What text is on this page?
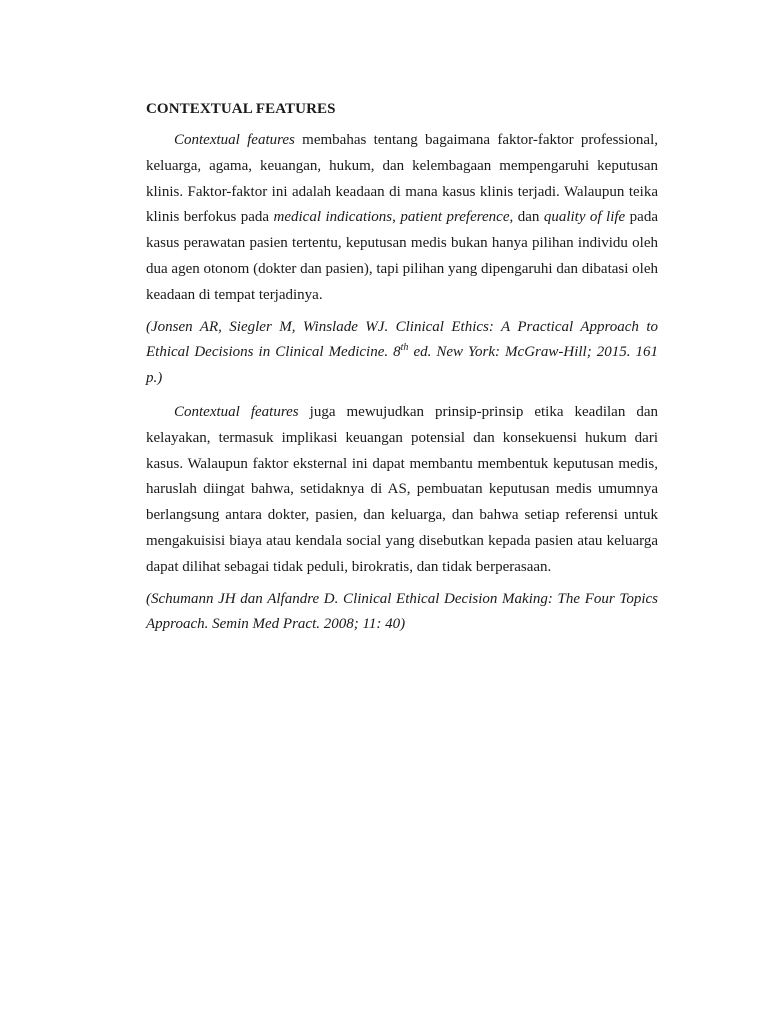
CONTEXTUAL FEATURES

Contextual features membahas tentang bagaimana faktor-faktor professional, keluarga, agama, keuangan, hukum, dan kelembagaan mempengaruhi keputusan klinis. Faktor-faktor ini adalah keadaan di mana kasus klinis terjadi. Walaupun teika klinis berfokus pada medical indications, patient preference, dan quality of life pada kasus perawatan pasien tertentu, keputusan medis bukan hanya pilihan individu oleh dua agen otonom (dokter dan pasien), tapi pilihan yang dipengaruhi dan dibatasi oleh keadaan di tempat terjadinya.

(Jonsen AR, Siegler M, Winslade WJ. Clinical Ethics: A Practical Approach to Ethical Decisions in Clinical Medicine. 8th ed. New York: McGraw-Hill; 2015. 161 p.)

Contextual features juga mewujudkan prinsip-prinsip etika keadilan dan kelayakan, termasuk implikasi keuangan potensial dan konsekuensi hukum dari kasus. Walaupun faktor eksternal ini dapat membantu membentuk keputusan medis, haruslah diingat bahwa, setidaknya di AS, pembuatan keputusan medis umumnya berlangsung antara dokter, pasien, dan keluarga, dan bahwa setiap referensi untuk mengakuisisi biaya atau kendala social yang disebutkan kepada pasien atau keluarga dapat dilihat sebagai tidak peduli, birokratis, dan tidak berperasaan.

(Schumann JH dan Alfandre D. Clinical Ethical Decision Making: The Four Topics Approach. Semin Med Pract. 2008; 11: 40)
